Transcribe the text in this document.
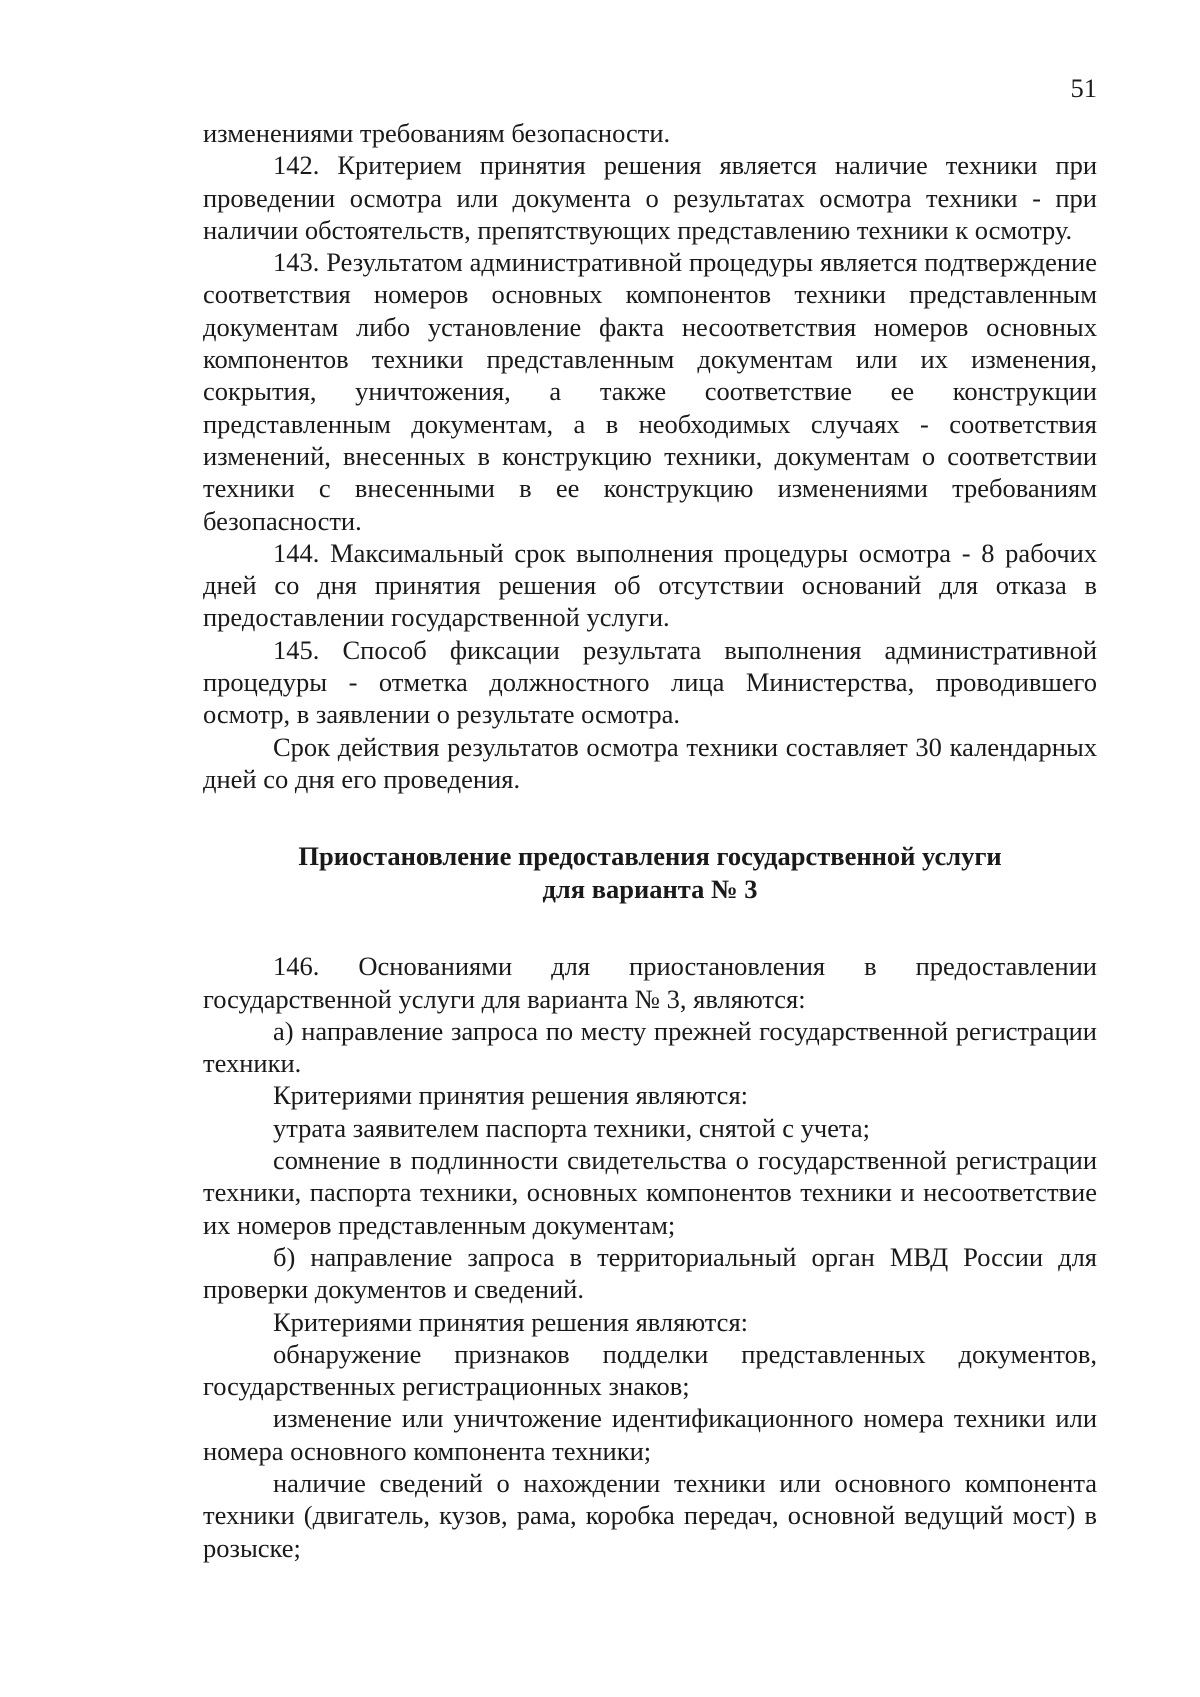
51

изменениями требованиям безопасности.

142. Критерием принятия решения является наличие техники при проведении осмотра или документа о результатах осмотра техники - при наличии обстоятельств, препятствующих представлению техники к осмотру.

143. Результатом административной процедуры является подтверждение соответствия номеров основных компонентов техники представленным документам либо установление факта несоответствия номеров основных компонентов техники представленным документам или их изменения, сокрытия, уничтожения, а также соответствие ее конструкции представленным документам, а в необходимых случаях - соответствия изменений, внесенных в конструкцию техники, документам о соответствии техники с внесенными в ее конструкцию изменениями требованиям безопасности.

144. Максимальный срок выполнения процедуры осмотра - 8 рабочих дней со дня принятия решения об отсутствии оснований для отказа в предоставлении государственной услуги.

145. Способ фиксации результата выполнения административной процедуры - отметка должностного лица Министерства, проводившего осмотр, в заявлении о результате осмотра.

Срок действия результатов осмотра техники составляет 30 календарных дней со дня его проведения.

Приостановление предоставления государственной услуги
для варианта № 3

146. Основаниями для приостановления в предоставлении государственной услуги для варианта № 3, являются:

а) направление запроса по месту прежней государственной регистрации техники.

Критериями принятия решения являются:

утрата заявителем паспорта техники, снятой с учета;

сомнение в подлинности свидетельства о государственной регистрации техники, паспорта техники, основных компонентов техники и несоответствие их номеров представленным документам;

б) направление запроса в территориальный орган МВД России для проверки документов и сведений.

Критериями принятия решения являются:

обнаружение признаков подделки представленных документов, государственных регистрационных знаков;

изменение или уничтожение идентификационного номера техники или номера основного компонента техники;

наличие сведений о нахождении техники или основного компонента техники (двигатель, кузов, рама, коробка передач, основной ведущий мост) в розыске;
